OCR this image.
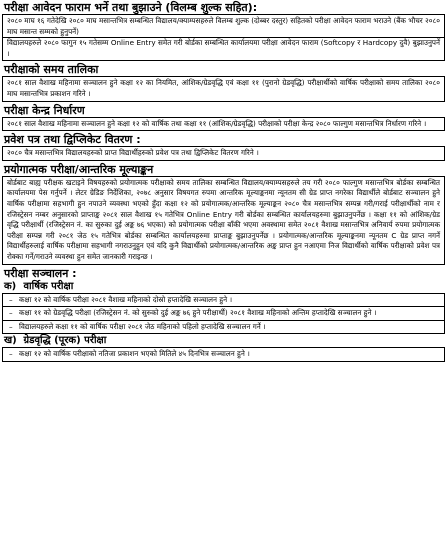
परीक्षा आवेदन फाराम भर्ने तथा बुझाउने (विलम्ब शुल्क सहित):

२०८० माघ १६ गतेदेखि २०८० माघ मसान्तभित्र सम्बन्धित विद्यालय/क्याम्पसहरुले विलम्ब शुल्क (दोब्बर दस्तुर) सहितको परीक्षा आवेदन फाराम भराउने (बैंक भौचर २०८० माघ मसान्त सम्मको हुनुपर्ने)

विद्यालयहरुले २०८० फागुन १५ गतेसम्म Online Entry समेत गरी बोर्डका सम्बन्धित कार्यालयमा परीक्षा आवेदन फाराम (Softcopy र Hardcopy दुवै) बुझाउनुपर्ने ।

परीक्षाको समय तालिका

२०८१ साल वैशाख महिनामा सञ्चालन हुने कक्षा १२ का नियमित, आंशिक/ग्रेडवृद्धि एवं कक्षा ११ (पुरानो ग्रेडवृद्धि) परीक्षार्थीको वार्षिक परीक्षाको समय तालिका २०८० माघ मसान्तभित्र प्रकाशन गरिने ।

परीक्षा केन्द्र निर्धारण

२०८१ साल वैशाख महिनामा सञ्चालन हुने कक्षा १२ को वार्षिक तथा कक्षा ११ (आंशिक/ग्रेडवृद्धि) परीक्षाको परीक्षा केन्द्र २०८० फाल्गुण मसान्तभित्र निर्धारण गरिने ।

प्रवेश पत्र तथा द्विप्लिकेट वितरण :

२०८० चैत्र मसान्तभित्र विद्यालयहरुको प्राप्त विद्यार्थीहरुको प्रवेश पत्र तथा द्विप्लिकेट वितरण गरिने ।

प्रयोगात्मक परीक्षा/आन्तरिक मूल्याङ्कन

बोर्डबाट बाह्य परीक्षक खटाइने विषयहरुको प्रयोगात्मक परीक्षाको समय तालिका सम्बन्धित विद्यालय/क्याम्पसहरुले तय गरी २०८० फाल्गुण मसान्तभित्र बोर्डका सम्बन्धित कार्यालयमा पेस गर्नुपर्ने । लेटर ग्रेडिङ निर्देशिका, २०७८ अनुसार विषयगत रुपमा आन्तरिक मूल्याङ्कनमा न्यूनतम सी ग्रेड प्राप्त नगरेका विद्यार्थीले बोर्डबाट सञ्चालन हुने वार्षिक परीक्षामा सहभागी हुन नपाउने व्यवस्था भएको हुँदा कक्षा १२ को प्रयोगात्मक/आन्तरिक मूल्याङ्कन २०८० चैत्र मसान्तभित्र सम्पन्न गरी/गराई परीक्षार्थीको नाम र रजिस्ट्रेसन नम्बर अनुसारको प्राप्ताङ्क २०८१ साल वैशाख १५ गतेभित्र Online Entry गरी बोर्डका सम्बन्धित कार्यालयहरुमा बुझाउनुपर्नेछ । कक्षा ११ को आंशिक/ग्रेड वृद्धि परीक्षार्थी (रजिस्ट्रेसन नं. का सुरुका दुई अङ्क ७६ भएका) को प्रयोगात्मक परीक्षा बाँकी भएमा अवस्थामा समेत २०८१ वैशाख मसान्तभित्र अनिवार्य रुपमा प्रयोगात्मक परीक्षा सम्पन्न गरी २०८१ जेठ १५ गतेभित्र बोर्डका सम्बन्धित कार्यालयहरुमा प्राप्ताङ्क बुझाउनुपर्नेछ । प्रयोगात्मक/आन्तरिक मूल्याङ्कनमा न्यूनतम C ग्रेड प्राप्त नगर्ने विद्यार्थीहरुलाई वार्षिक परीक्षामा सहभागी नगराउनुहुन एवं यदि कुनै विद्यार्थीको प्रयोगात्मक/आन्तरिक अङ्क प्राप्त हुन नआएमा निज विद्यार्थीको वार्षिक परीक्षाको प्रवेश पत्र रोक्का गर्ने/गराउने व्यवस्था हुन समेत जानकारी गराइन्छ ।

परीक्षा सञ्चालन :
क) वार्षिक परीक्षा
– कक्षा १२ को वार्षिक परीक्षा २०८१ वैशाख महिनाको दोस्रो हप्तादेखि सञ्चालन हुने ।
– कक्षा ११ को ग्रेडवृद्धि परीक्षा (रजिस्ट्रेसन नं. को सुरुको दुई अङ्क ७६ हुने परीक्षार्थी) २०८१ वैशाख महिनाको अन्तिम हप्तादेखि सञ्चालन हुने ।
– विद्यालयहरुले कक्षा ११ को वार्षिक परीक्षा २०८१ जेठ महिनाको पहिलो हप्तादेखि सञ्चालन गर्ने ।
ख) ग्रेडवृद्धि (पूरक) परीक्षा
– कक्षा १२ को वार्षिक परीक्षाको नतिजा प्रकाशन भएको मितिले ४५ दिनभित्र सञ्चालन हुने ।
